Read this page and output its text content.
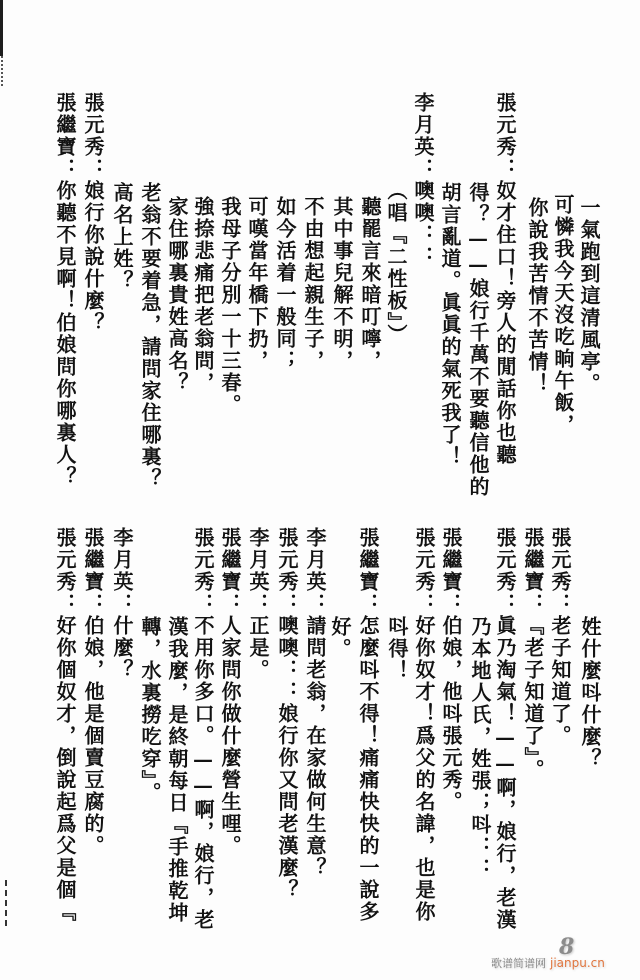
一氣跑到這清風亭。
可憐我今天沒吃晌午飯，
你說我苦情不苦情！
張元秀：奴才住口！旁人的閒話你也聽
得？——娘行千萬不要聽信他的
胡言亂道。眞眞的氣死我了！
李月英：噢噢：：
（唱『二性板』）
聽罷言來暗叮嚀，
其中事兒解不明，
不由想起親生子，
如今活着一般同；
可嘆當年橋下扔，
我母子分別一十三春。
強捺悲痛把老翁問，
家住哪裏貴姓高名？
老翁不要着急，請問家住哪裏？
高名上姓？
張元秀：娘行你說什麼？
張繼寶：你聽不見啊！伯娘問你哪裏人？
姓什麼呌什麼？
張元秀：老子知道了。
張繼寶：『老子知道了』。
張元秀：眞乃淘氣！——啊，娘行，老漢
乃本地人氏，姓張；呌：：
張繼寶：伯娘，他呌張元秀。
張元秀：好你奴才！爲父的名諱，也是你
呌得！
張繼寶：怎麼呌不得！痛痛快快的一說多
好。
李月英：請問老翁，在家做何生意？
張元秀：噢噢：：娘行你又問老漢麼？
李月英：正是。
張繼寶：人家問你做什麼營生哩。
張元秀：不用你多口。——啊，娘行，老
漢我麼，是終朝每日『手推乾坤
轉，水裏撈吃穿』。
李月英：什麼？
張繼寶：伯娘，他是個賣豆腐的。
張元秀：好你個奴才，倒說起爲父是個『
歌谱简谱网 jianpu.cn
8
